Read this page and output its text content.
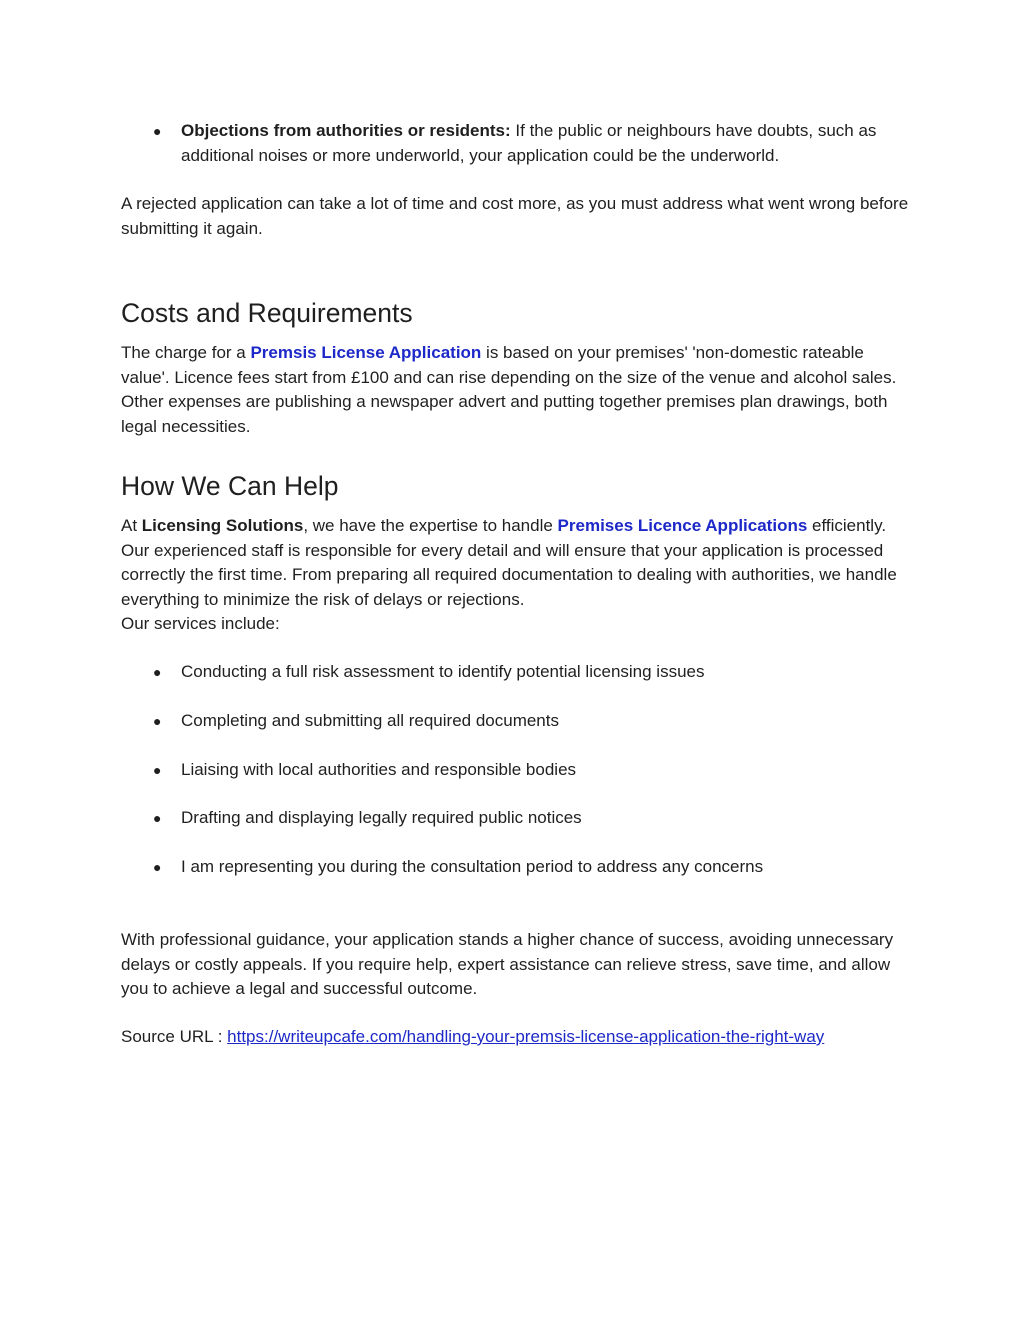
● Objections from authorities or residents: If the public or neighbours have doubts, such as additional noises or more underworld, your application could be the underworld.

A rejected application can take a lot of time and cost more, as you must address what went wrong before submitting it again.

Costs and Requirements

The charge for a Premsis License Application is based on your premises' 'non-domestic rateable value'. Licence fees start from £100 and can rise depending on the size of the venue and alcohol sales. Other expenses are publishing a newspaper advert and putting together premises plan drawings, both legal necessities.

How We Can Help

At Licensing Solutions, we have the expertise to handle Premises Licence Applications efficiently. Our experienced staff is responsible for every detail and will ensure that your application is processed correctly the first time. From preparing all required documentation to dealing with authorities, we handle everything to minimize the risk of delays or rejections.

Our services include:

● Conducting a full risk assessment to identify potential licensing issues
● Completing and submitting all required documents
● Liaising with local authorities and responsible bodies
● Drafting and displaying legally required public notices
● I am representing you during the consultation period to address any concerns

With professional guidance, your application stands a higher chance of success, avoiding unnecessary delays or costly appeals. If you require help, expert assistance can relieve stress, save time, and allow you to achieve a legal and successful outcome.

Source URL : https://writeupcafe.com/handling-your-premsis-license-application-the-right-way
